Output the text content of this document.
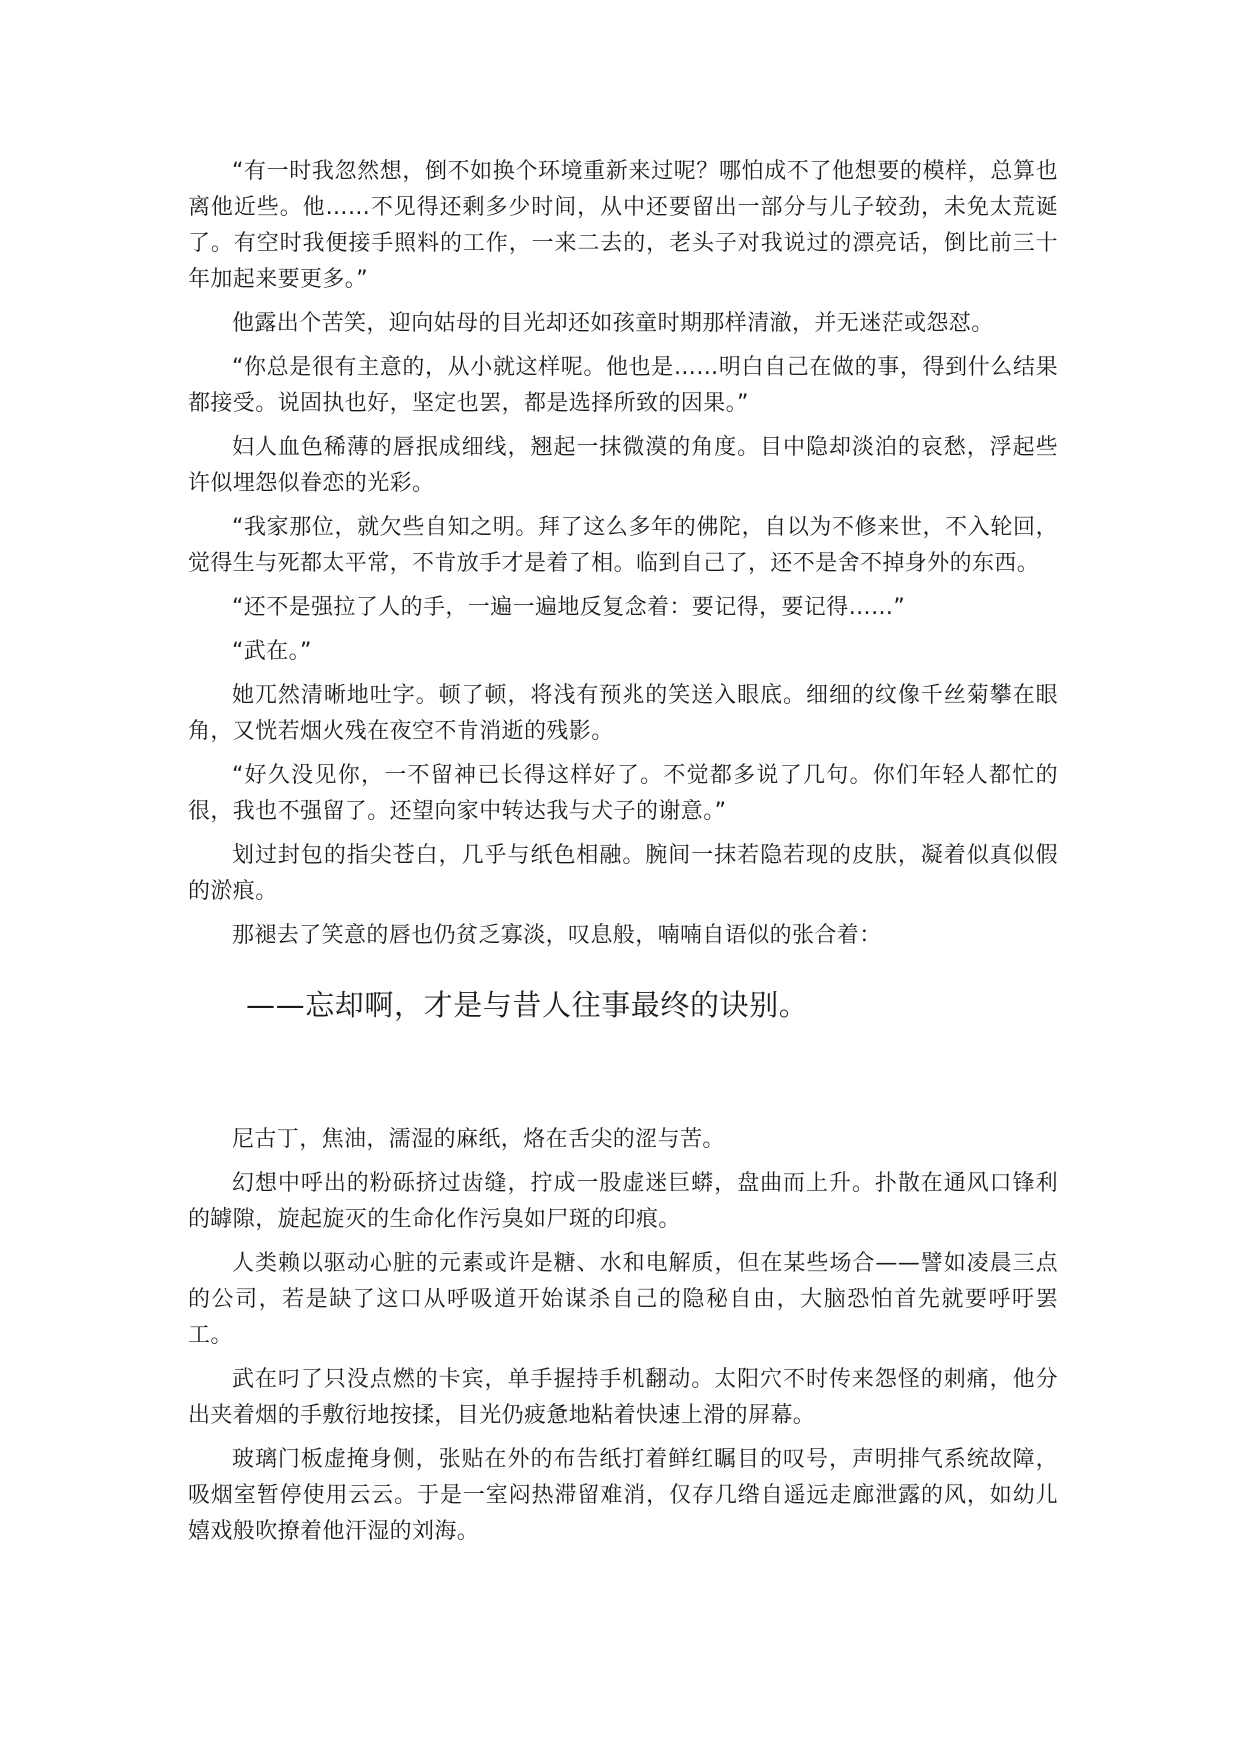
“有一时我忽然想，倒不如换个环境重新来过呢？哪怕成不了他想要的模样，总算也离他近些。他……不见得还剩多少时间，从中还要留出一部分与儿子较劲，未免太荒诞了。有空时我便接手照料的工作，一来二去的，老头子对我说过的漂亮话，倒比前三十年加起来要更多。”

他露出个苦笑，迎向姑母的目光却还如孩童时期那样清澈，并无迷茫或怨怼。

“你总是很有主意的，从小就这样呢。他也是……明白自己在做的事，得到什么结果都接受。说固执也好，坚定也罢，都是选择所致的因果。”

妇人血色稀薄的唇抿成细线，翘起一抹微漠的角度。目中隐却淡泊的哀愁，浮起些许似埋怨似眷恋的光彩。

“我家那位，就欠些自知之明。拜了这么多年的佛陀，自以为不修来世，不入轮回，觉得生与死都太平常，不肯放手才是着了相。临到自己了，还不是舍不掉身外的东西。

“还不是强拉了人的手，一遍一遍地反复念着：要记得，要记得……”

“武在。”

她兀然清晰地吐字。顿了顿，将浅有预兆的笑送入眼底。细细的纹像千丝菊攀在眼角，又恍若烟火残在夜空不肯消逝的残影。

“好久没见你，一不留神已长得这样好了。不觉都多说了几句。你们年轻人都忙的很，我也不强留了。还望向家中转达我与犬子的谢意。”

划过封包的指尖苍白，几乎与纸色相融。腕间一抹若隐若现的皮肤，凝着似真似假的淤痕。

那褪去了笑意的唇也仍贫乏寡淡，叹息般，喃喃自语似的张合着：

——忘却啊，才是与昔人往事最终的诀别。

尼古丁，焦油，濡湿的麻纸，烙在舌尖的涩与苦。

幻想中呼出的粉砾挤过齿缝，拧成一股虚迷巨蟒，盘曲而上升。扑散在通风口锋利的罅隙，旋起旋灭的生命化作污臭如尸斑的印痕。

人类赖以驱动心脏的元素或许是糖、水和电解质，但在某些场合——譬如凌晨三点的公司，若是缺了这口从呼吸道开始谋杀自己的隐秘自由，大脑恐怕首先就要呼吁罢工。

武在叼了只没点燃的卡宾，单手握持手机翻动。太阳穴不时传来怨怪的刺痛，他分出夹着烟的手敷衍地按揉，目光仍疲惫地粘着快速上滑的屏幕。

玻璃门板虚掩身侧，张贴在外的布告纸打着鲜红瞩目的叹号，声明排气系统故障，吸烟室暂停使用云云。于是一室闷热滞留难消，仅存几绺自遥远走廊泄露的风，如幼儿嬉戏般吹撩着他汗湿的刘海。
